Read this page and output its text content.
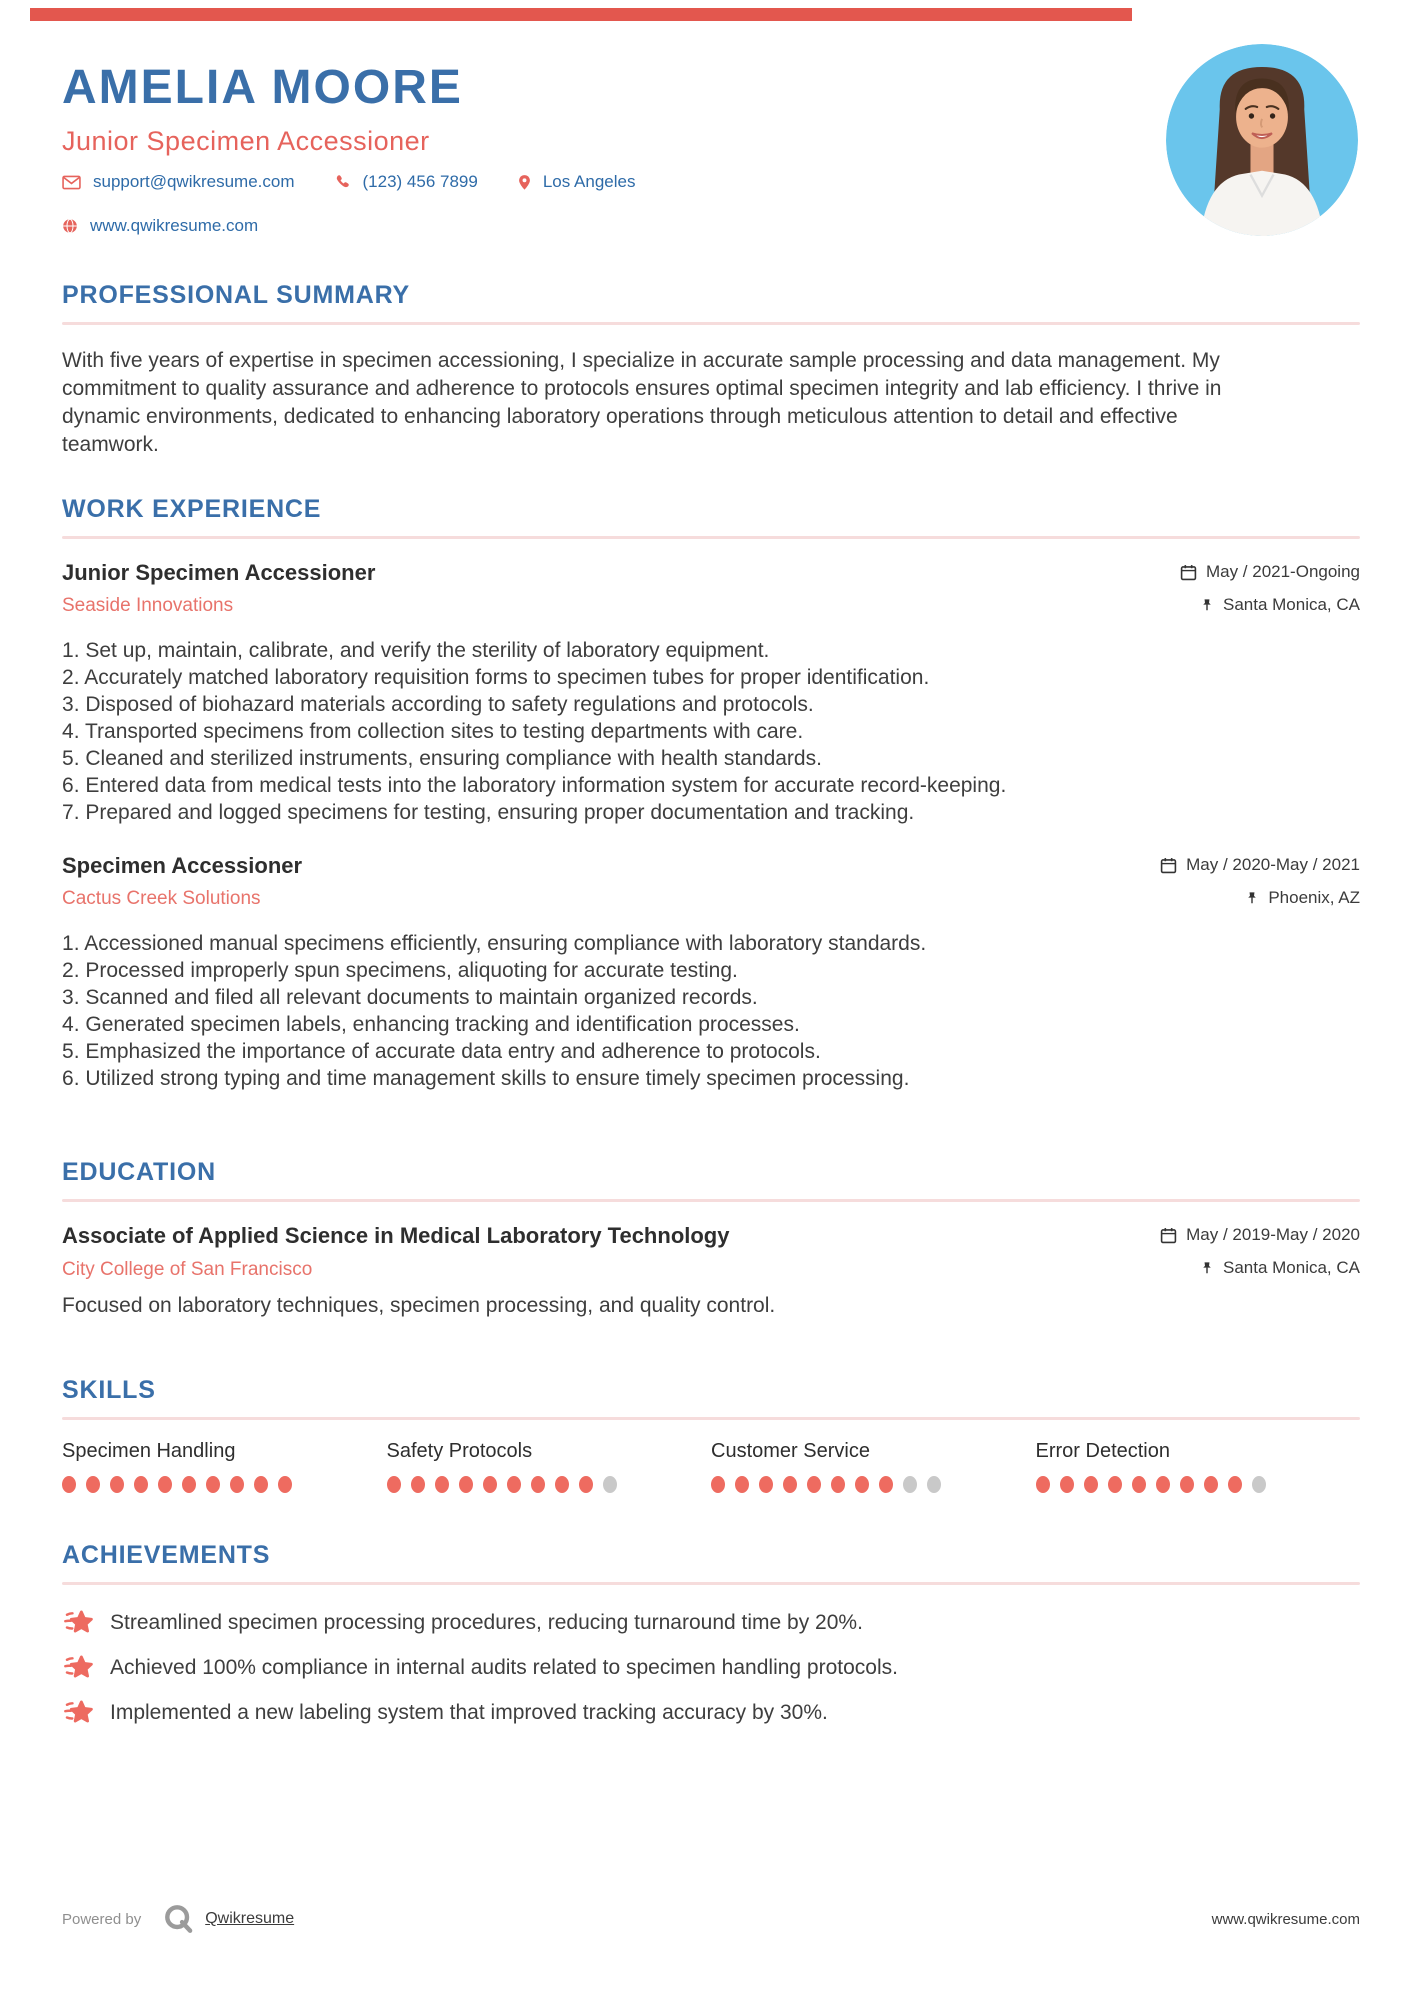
AMELIA MOORE
Junior Specimen Accessioner
support@qwikresume.com	(123) 456 7899	Los Angeles
www.qwikresume.com
PROFESSIONAL SUMMARY

With five years of expertise in specimen accessioning, I specialize in accurate sample processing and data management. My commitment to quality assurance and adherence to protocols ensures optimal specimen integrity and lab efficiency. I thrive in dynamic environments, dedicated to enhancing laboratory operations through meticulous attention to detail and effective teamwork.

WORK EXPERIENCE
Junior Specimen Accessioner
Seaside Innovations
May / 2021-Ongoing
Santa Monica, CA
Set up, maintain, calibrate, and verify the sterility of laboratory equipment.
Accurately matched laboratory requisition forms to specimen tubes for proper identification.
Disposed of biohazard materials according to safety regulations and protocols.
Transported specimens from collection sites to testing departments with care.
Cleaned and sterilized instruments, ensuring compliance with health standards.
Entered data from medical tests into the laboratory information system for accurate record-keeping.
Prepared and logged specimens for testing, ensuring proper documentation and tracking.
Specimen Accessioner
Cactus Creek Solutions
May / 2020-May / 2021
Phoenix, AZ
Accessioned manual specimens efficiently, ensuring compliance with laboratory standards.
Processed improperly spun specimens, aliquoting for accurate testing.
Scanned and filed all relevant documents to maintain organized records.
Generated specimen labels, enhancing tracking and identification processes.
Emphasized the importance of accurate data entry and adherence to protocols.
Utilized strong typing and time management skills to ensure timely specimen processing.
EDUCATION
Associate of Applied Science in Medical Laboratory Technology
City College of San Francisco
May / 2019-May / 2020
Santa Monica, CA
Focused on laboratory techniques, specimen processing, and quality control.
SKILLS
Specimen Handling	Safety Protocols	Customer Service	Error Detection
ACHIEVEMENTS
Streamlined specimen processing procedures, reducing turnaround time by 20%.
Achieved 100% compliance in internal audits related to specimen handling protocols.
Implemented a new labeling system that improved tracking accuracy by 30%.
Powered by	Qwikresume	www.qwikresume.com
